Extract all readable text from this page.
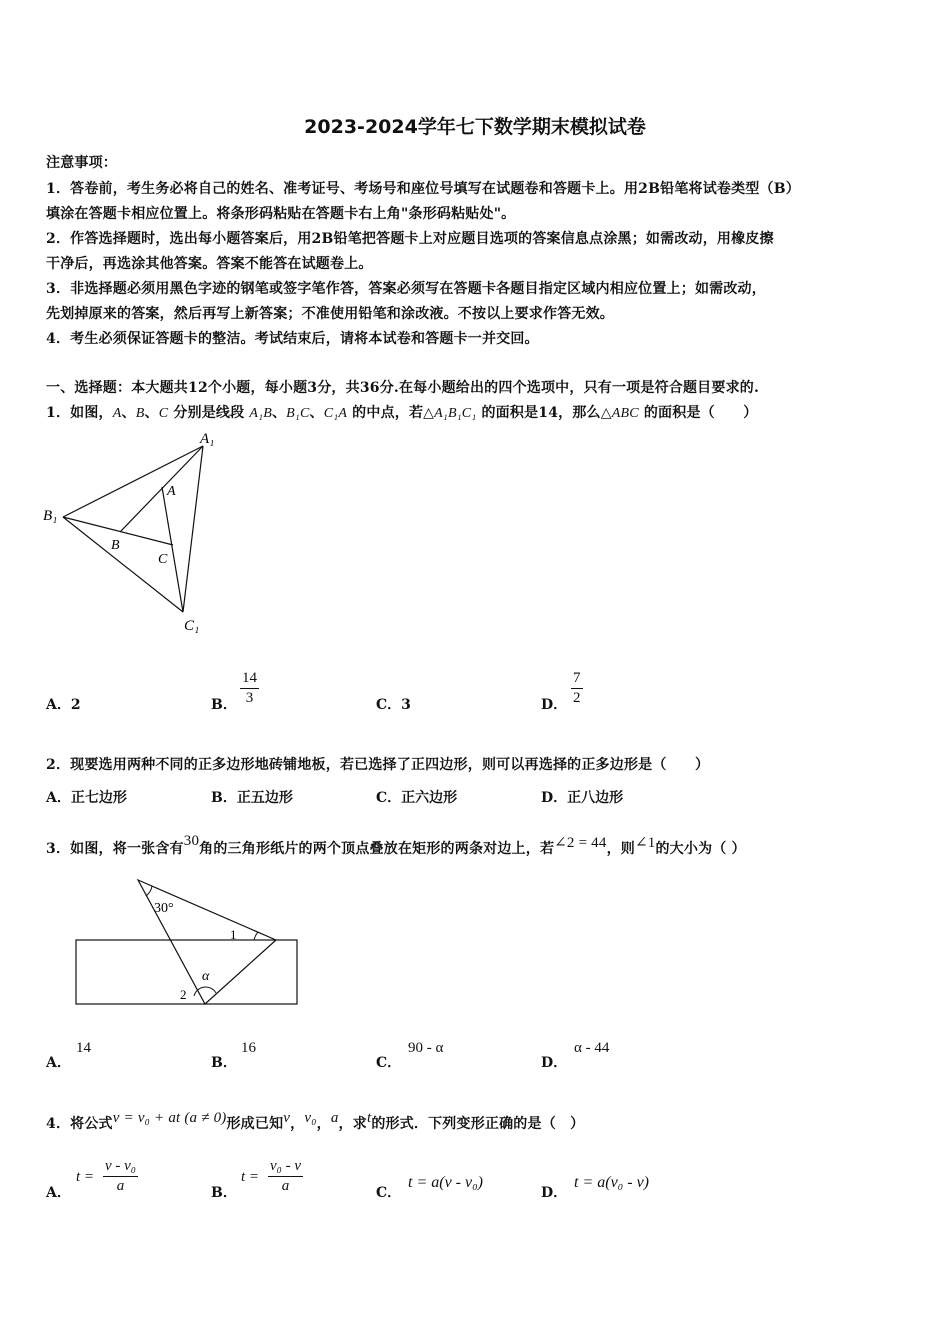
2023-2024学年七下数学期末模拟试卷
注意事项：
1．答卷前，考生务必将自己的姓名、准考证号、考场号和座位号填写在试题卷和答题卡上。用2B铅笔将试卷类型（B）
填涂在答题卡相应位置上。将条形码粘贴在答题卡右上角"条形码粘贴处"。
2．作答选择题时，选出每小题答案后，用2B铅笔把答题卡上对应题目选项的答案信息点涂黑；如需改动，用橡皮擦
干净后，再选涂其他答案。答案不能答在试题卷上。
3．非选择题必须用黑色字迹的钢笔或签字笔作答，答案必须写在答题卡各题目指定区域内相应位置上；如需改动，
先划掉原来的答案，然后再写上新答案；不准使用铅笔和涂改液。不按以上要求作答无效。
4．考生必须保证答题卡的整洁。考试结束后，请将本试卷和答题卡一并交回。
一、选择题：本大题共12个小题，每小题3分，共36分.在每小题给出的四个选项中，只有一项是符合题目要求的.
1．如图，A、B、C 分别是线段 A₁B、B₁C、C₁A 的中点，若△A₁B₁C₁ 的面积是14，那么△ABC 的面积是（　　）
A₁
B₁
C₁
A
B
C
A．2	B． $\frac{14}{3}$	C．3	D． $\frac{7}{2}$
2．现要选用两种不同的正多边形地砖铺地板，若已选择了正四边形，则可以再选择的正多边形是（　　）
A．正七边形	B．正五边形	C．正六边形	D．正八边形
3．如图，将一张含有$^{30}$角的三角形纸片的两个顶点叠放在矩形的两条对边上，若$^{\angle 2 = 44}$，则$^{\angle 1}$的大小为（ ）
30°
1
2
α
A．
14
B．
16
C．
90 - α
D．
α - 44
4．将公式$^{v = v_0 + at (a \ne 0)}$形成已知$^v$，$^{v_0}$，$^a$，求$^t$的形式．下列变形正确的是（　）
A．
$t = \frac{\text{v - v₀}}{a}$	B．
$t = \frac{\text{v₀ - v}}{a}$	C．
t = a(v - v₀)
D．
t = a(v₀ - v)
